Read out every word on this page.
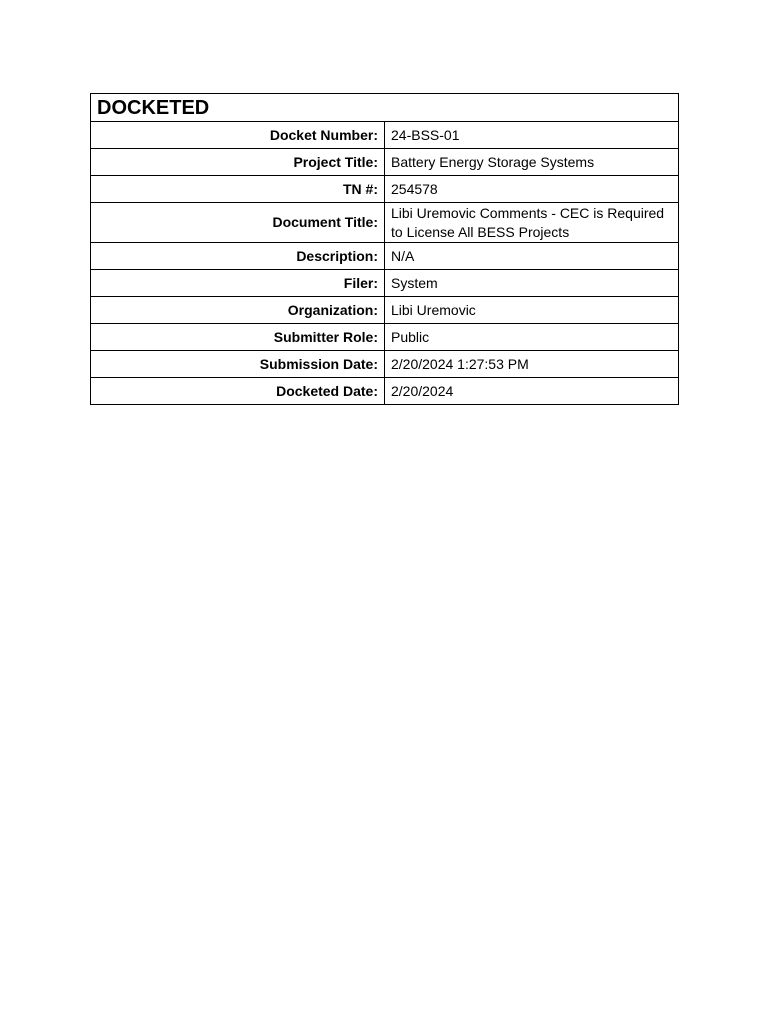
DOCKETED	
Docket Number:	24-BSS-01
Project Title:	Battery Energy Storage Systems
TN #:	254578
Document Title:	Libi Uremovic Comments - CEC is Required to License All BESS Projects
Description:	N/A
Filer:	System
Organization:	Libi Uremovic
Submitter Role:	Public
Submission Date:	2/20/2024 1:27:53 PM
Docketed Date:	2/20/2024
